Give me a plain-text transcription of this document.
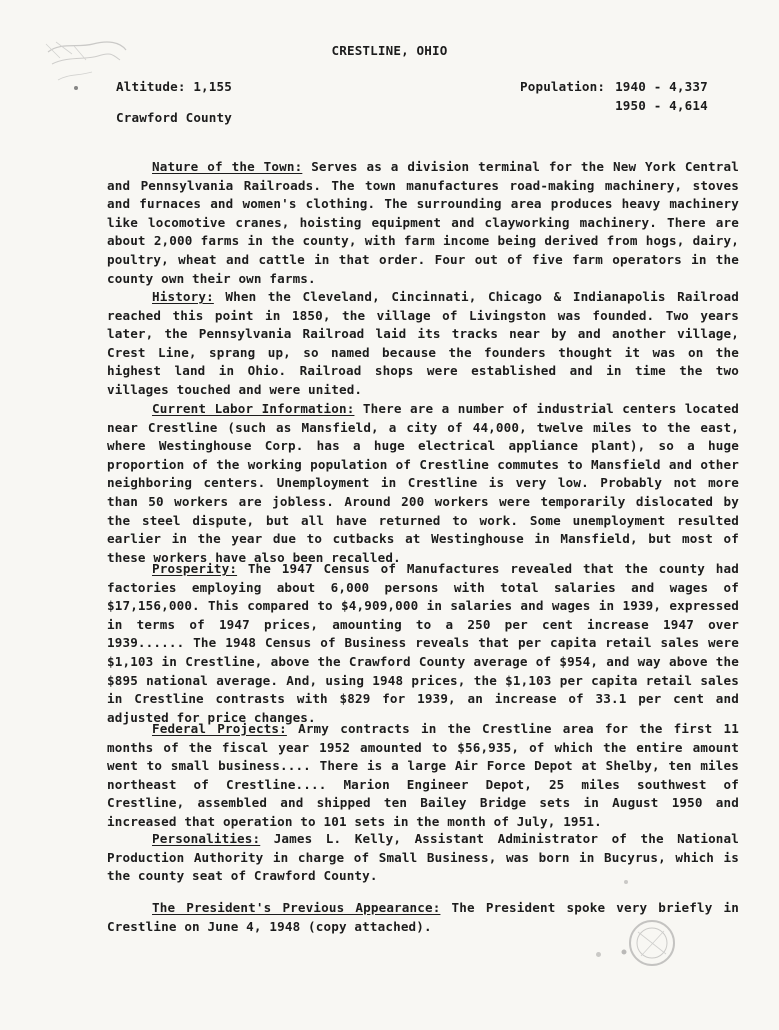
CRESTLINE, OHIO
Altitude: 1,155	Population: 1940 - 4,337
1950 - 4,614
Crawford County
Nature of the Town: Serves as a division terminal for the New York Central and Pennsylvania Railroads. The town manufactures road-making machinery, stoves and furnaces and women's clothing. The surrounding area produces heavy machinery like locomotive cranes, hoisting equipment and clayworking machinery. There are about 2,000 farms in the county, with farm income being derived from hogs, dairy, poultry, wheat and cattle in that order. Four out of five farm operators in the county own their own farms.
History: When the Cleveland, Cincinnati, Chicago & Indianapolis Railroad reached this point in 1850, the village of Livingston was founded. Two years later, the Pennsylvania Railroad laid its tracks near by and another village, Crest Line, sprang up, so named because the founders thought it was on the highest land in Ohio. Railroad shops were established and in time the two villages touched and were united.
Current Labor Information: There are a number of industrial centers located near Crestline (such as Mansfield, a city of 44,000, twelve miles to the east, where Westinghouse Corp. has a huge electrical appliance plant), so a huge proportion of the working population of Crestline commutes to Mansfield and other neighboring centers. Unemployment in Crestline is very low. Probably not more than 50 workers are jobless. Around 200 workers were temporarily dislocated by the steel dispute, but all have returned to work. Some unemployment resulted earlier in the year due to cutbacks at Westinghouse in Mansfield, but most of these workers have also been recalled.
Prosperity: The 1947 Census of Manufactures revealed that the county had factories employing about 6,000 persons with total salaries and wages of $17,156,000. This compared to $4,909,000 in salaries and wages in 1939, expressed in terms of 1947 prices, amounting to a 250 per cent increase 1947 over 1939...... The 1948 Census of Business reveals that per capita retail sales were $1,103 in Crestline, above the Crawford County average of $954, and way above the $895 national average. And, using 1948 prices, the $1,103 per capita retail sales in Crestline contrasts with $829 for 1939, an increase of 33.1 per cent and adjusted for price changes.
Federal Projects: Army contracts in the Crestline area for the first 11 months of the fiscal year 1952 amounted to $56,935, of which the entire amount went to small business.... There is a large Air Force Depot at Shelby, ten miles northeast of Crestline.... Marion Engineer Depot, 25 miles southwest of Crestline, assembled and shipped ten Bailey Bridge sets in August 1950 and increased that operation to 101 sets in the month of July, 1951.
Personalities: James L. Kelly, Assistant Administrator of the National Production Authority in charge of Small Business, was born in Bucyrus, which is the county seat of Crawford County.
The President's Previous Appearance: The President spoke very briefly in Crestline on June 4, 1948 (copy attached).
